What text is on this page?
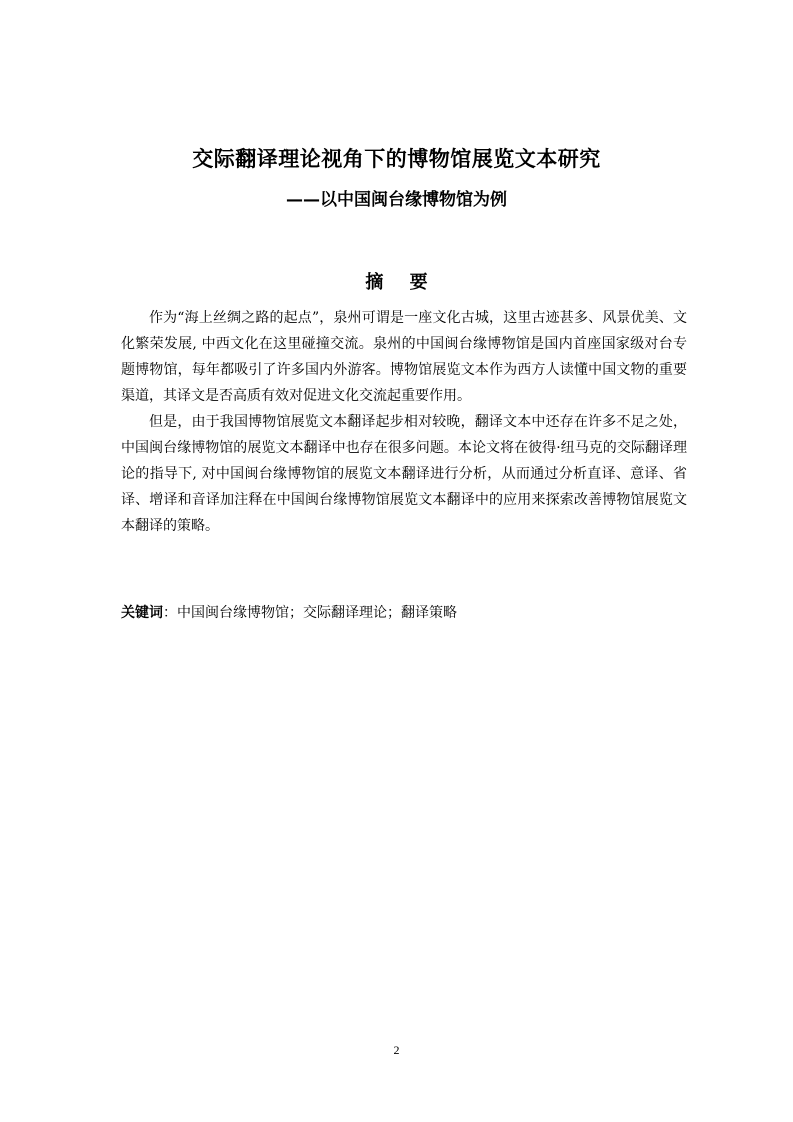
交际翻译理论视角下的博物馆展览文本研究
——以中国闽台缘博物馆为例
摘 要

作为“海上丝绸之路的起点”，泉州可谓是一座文化古城，这里古迹甚多、风景优美、文化繁荣发展, 中西文化在这里碰撞交流。泉州的中国闽台缘博物馆是国内首座国家级对台专题博物馆，每年都吸引了许多国内外游客。博物馆展览文本作为西方人读懂中国文物的重要渠道，其译文是否高质有效对促进文化交流起重要作用。

但是，由于我国博物馆展览文本翻译起步相对较晚，翻译文本中还存在许多不足之处，中国闽台缘博物馆的展览文本翻译中也存在很多问题。本论文将在彼得·纽马克的交际翻译理论的指导下, 对中国闽台缘博物馆的展览文本翻译进行分析，从而通过分析直译、意译、省译、增译和音译加注释在中国闽台缘博物馆展览文本翻译中的应用来探索改善博物馆展览文本翻译的策略。

关键词：中国闽台缘博物馆；交际翻译理论；翻译策略
2
